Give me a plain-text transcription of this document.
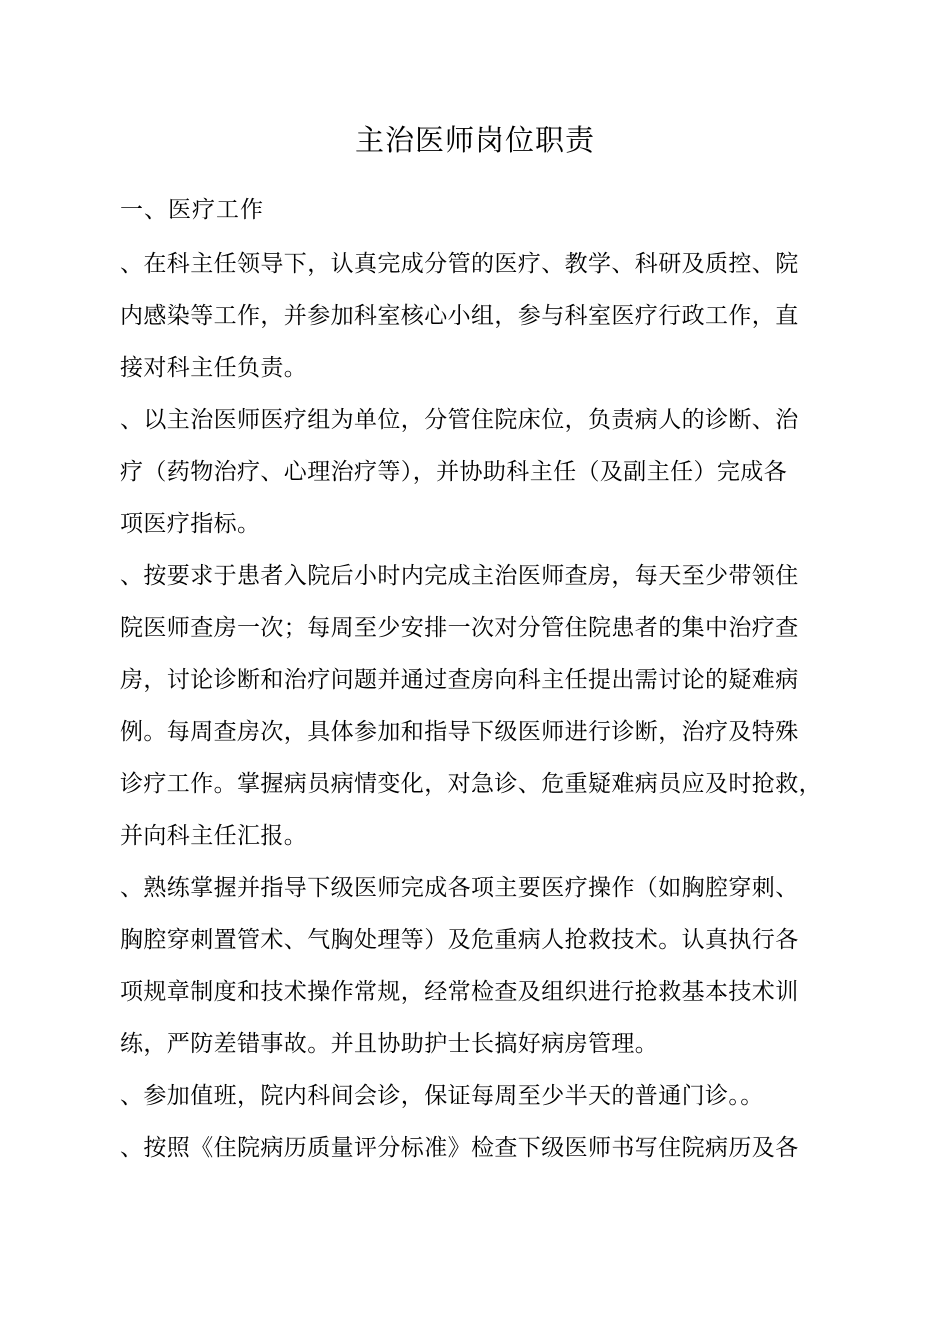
主治医师岗位职责
一、医疗工作
、在科主任领导下，认真完成分管的医疗、教学、科研及质控、院
内感染等工作，并参加科室核心小组，参与科室医疗行政工作，直
接对科主任负责。
、以主治医师医疗组为单位，分管住院床位，负责病人的诊断、治
疗（药物治疗、心理治疗等），并协助科主任（及副主任）完成各
项医疗指标。
、按要求于患者入院后小时内完成主治医师查房，每天至少带领住
院医师查房一次；每周至少安排一次对分管住院患者的集中治疗查
房，讨论诊断和治疗问题并通过查房向科主任提出需讨论的疑难病
例。每周查房次，具体参加和指导下级医师进行诊断，治疗及特殊
诊疗工作。掌握病员病情变化，对急诊、危重疑难病员应及时抢救，
并向科主任汇报。
、熟练掌握并指导下级医师完成各项主要医疗操作（如胸腔穿刺、
胸腔穿刺置管术、气胸处理等）及危重病人抢救技术。认真执行各
项规章制度和技术操作常规，经常检查及组织进行抢救基本技术训
练，严防差错事故。并且协助护士长搞好病房管理。
、参加值班，院内科间会诊，保证每周至少半天的普通门诊。。
、按照《住院病历质量评分标准》检查下级医师书写住院病历及各
